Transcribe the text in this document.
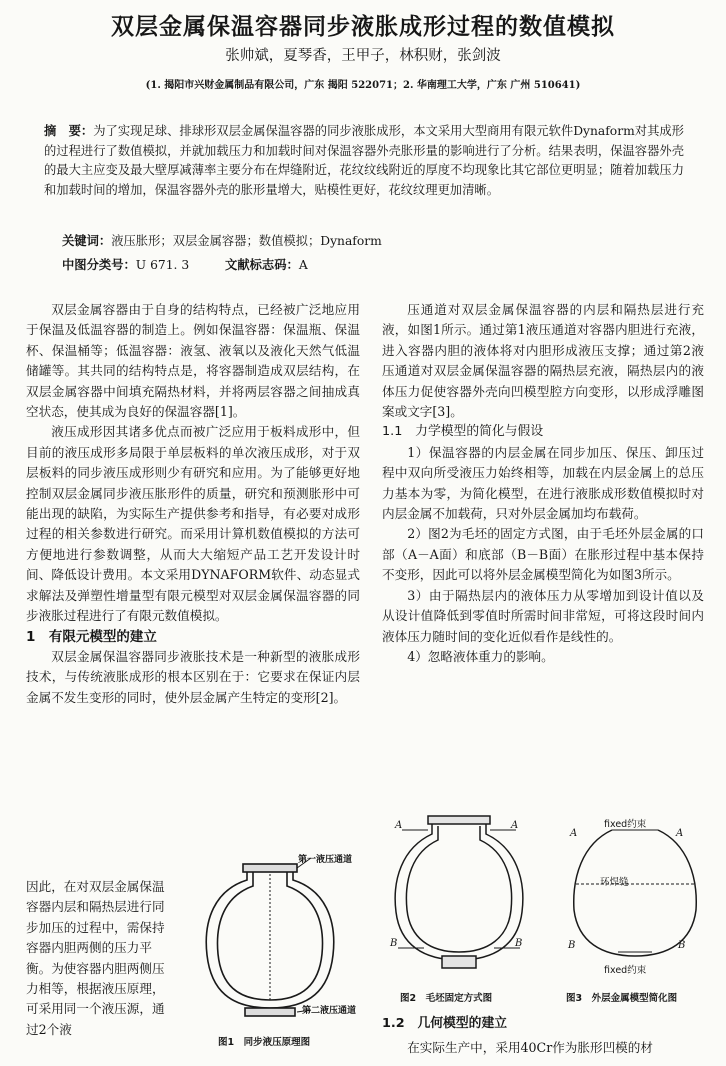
双层金属保温容器同步液胀成形过程的数值模拟
张帅斌，夏琴香，王甲子，林积财，张剑波
(1. 揭阳市兴财金属制品有限公司，广东 揭阳 522071；2. 华南理工大学，广东 广州 510641)
摘　要：为了实现足球、排球形双层金属保温容器的同步液胀成形，本文采用大型商用有限元软件Dynaform对其成形的过程进行了数值模拟，并就加载压力和加载时间对保温容器外壳胀形量的影响进行了分析。结果表明，保温容器外壳的最大主应变及最大壁厚减薄率主要分布在焊缝附近，花纹纹线附近的厚度不均现象比其它部位更明显；随着加载压力和加载时间的增加，保温容器外壳的胀形量增大，贴模性更好，花纹纹理更加清晰。
关键词：液压胀形；双层金属容器；数值模拟；Dynaform
中图分类号：U 671. 3	文献标志码：A

双层金属容器由于自身的结构特点，已经被广泛地应用于保温及低温容器的制造上。例如保温容器：保温瓶、保温杯、保温桶等；低温容器：液氢、液氧以及液化天然气低温储罐等。其共同的结构特点是，将容器制造成双层结构，在双层金属容器中间填充隔热材料，并将两层容器之间抽成真空状态，使其成为良好的保温容器[1]。

液压成形因其诸多优点而被广泛应用于板料成形中，但目前的液压成形多局限于单层板料的单次液压成形，对于双层板料的同步液压成形则少有研究和应用。为了能够更好地控制双层金属同步液压胀形件的质量，研究和预测胀形中可能出现的缺陷，为实际生产提供参考和指导，有必要对成形过程的相关参数进行研究。而采用计算机数值模拟的方法可方便地进行参数调整，从而大大缩短产品工艺开发设计时间、降低设计费用。本文采用DYNAFORM软件、动态显式求解法及弹塑性增量型有限元模型对双层金属保温容器的同步液胀过程进行了有限元数值模拟。

1　有限元模型的建立

双层金属保温容器同步液胀技术是一种新型的液胀成形技术，与传统液胀成形的根本区别在于：它要求在保证内层金属不发生变形的同时，使外层金属产生特定的变形[2]。

因此，在对双层金属保温容器内层和隔热层进行同步加压的过程中，需保持容器内胆两侧的压力平衡。为使容器内胆两侧压力相等，根据液压原理，可采用同一个液压源，通过2个液
第一液压通道
第二液压通道
图1　同步液压原理图

压通道对双层金属保温容器的内层和隔热层进行充液，如图1所示。通过第1液压通道对容器内胆进行充液，进入容器内胆的液体将对内胆形成液压支撑；通过第2液压通道对双层金属保温容器的隔热层充液，隔热层内的液体压力促使容器外壳向凹模型腔方向变形，以形成浮雕图案或文字[3]。

1.1　力学模型的简化与假设

1）保温容器的内层金属在同步加压、保压、卸压过程中双向所受液压力始终相等，加载在内层金属上的总压力基本为零，为简化模型，在进行液胀成形数值模拟时对内层金属不加载荷，只对外层金属加均布载荷。

2）图2为毛坯的固定方式图，由于毛坯外层金属的口部（A－A面）和底部（B－B面）在胀形过程中基本保持不变形，因此可以将外层金属模型简化为如图3所示。

3）由于隔热层内的液体压力从零增加到设计值以及从设计值降低到零值时所需时间非常短，可将这段时间内液体压力随时间的变化近似看作是线性的。

4）忽略液体重力的影响。

A	A
B	B
fixed约束
fixed约束
环焊缝
A	A
B	B
图2　毛坯固定方式图	图3　外层金属模型简化图
1.2　几何模型的建立

在实际生产中，采用40Cr作为胀形凹模的材
